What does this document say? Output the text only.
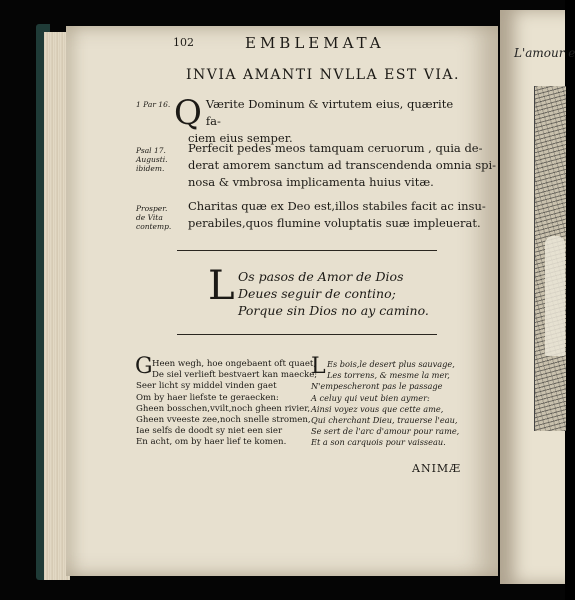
L'amour e
102	EMBLEMATA
INVIA AMANTI NVLLA EST VIA.
1 Par 16. Q Værite Dominum & virtutem eius, quærite fa-
ciem eius semper.
Psal 17.
Augusti.
ibidem.
Perfecit pedes meos tamquam ceruorum , quia de-
derat amorem sanctum ad transcendenda omnia spi-
nosa & vmbrosa implicamenta huius vitæ.
Prosper.
de Vita
contemp.
Charitas quæ ex Deo est,illos stabiles facit ac insu-
perabiles,quos flumine voluptatis suæ impleuerat.
L Os pasos de Amor de Dios
Deues seguir de contino;
Porque sin Dios no ay camino.
G Heen wegh, hoe ongebaent oft quaet,
De siel verlieft bestvaert kan maecke;
Seer licht sy middel vinden gaet
Om by haer liefste te geraecken:
Gheen bosschen,vvilt,noch gheen rivier,
Gheen vveeste zee,noch snelle stromen,
Iae selfs de doodt sy niet een sier
En acht, om by haer lief te komen.
L Es bois,le desert plus sauvage,
Les torrens, & mesme la mer,
N'empescheront pas le passage
A celuy qui veut bien aymer:
Ainsi voyez vous que cette ame,
Qui cherchant Dieu, trauerse l'eau,
Se sert de l'arc d'amour pour rame,
Et a son carquois pour vaisseau.
ANIMÆ
